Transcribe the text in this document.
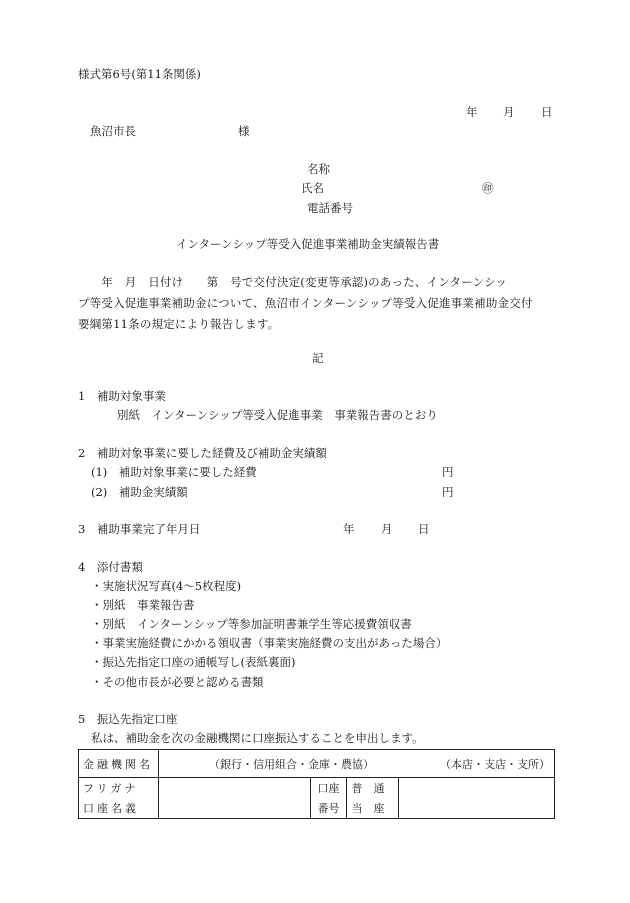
様式第6号(第11条関係)
年 月 日
魚沼市長	様
名称
氏名	㊞
電話番号
インターンシップ等受入促進事業補助金実績報告書
　　年　月　日付け　　第　号で交付決定(変更等承認)のあった、インターンシッ
プ等受入促進事業補助金について、魚沼市インターンシップ等受入促進事業補助金交付
要綱第11条の規定により報告します。
記
1　補助対象事業
別紙　インターンシップ等受入促進事業　事業報告書のとおり
2　補助対象事業に要した経費及び補助金実績額
(1)　補助対象事業に要した経費	円
(2)　補助金実績額	円
3　補助事業完了年月日	年 月 日
4　添付書類
・実施状況写真(4～5枚程度)
・別紙　事業報告書
・別紙　インターンシップ等参加証明書兼学生等応援費領収書
・事業実施経費にかかる領収書（事業実施経費の支出があった場合）
・振込先指定口座の通帳写し(表紙裏面)
・その他市長が必要と認める書類
5　振込先指定口座
私は、補助金を次の金融機関に口座振込することを申出します。
金融機関名	（銀行・信用組合・金庫・農協） （本店・支店・支所）			

フリガナ		口座	普　通	
口座名義		番号	当　座	
